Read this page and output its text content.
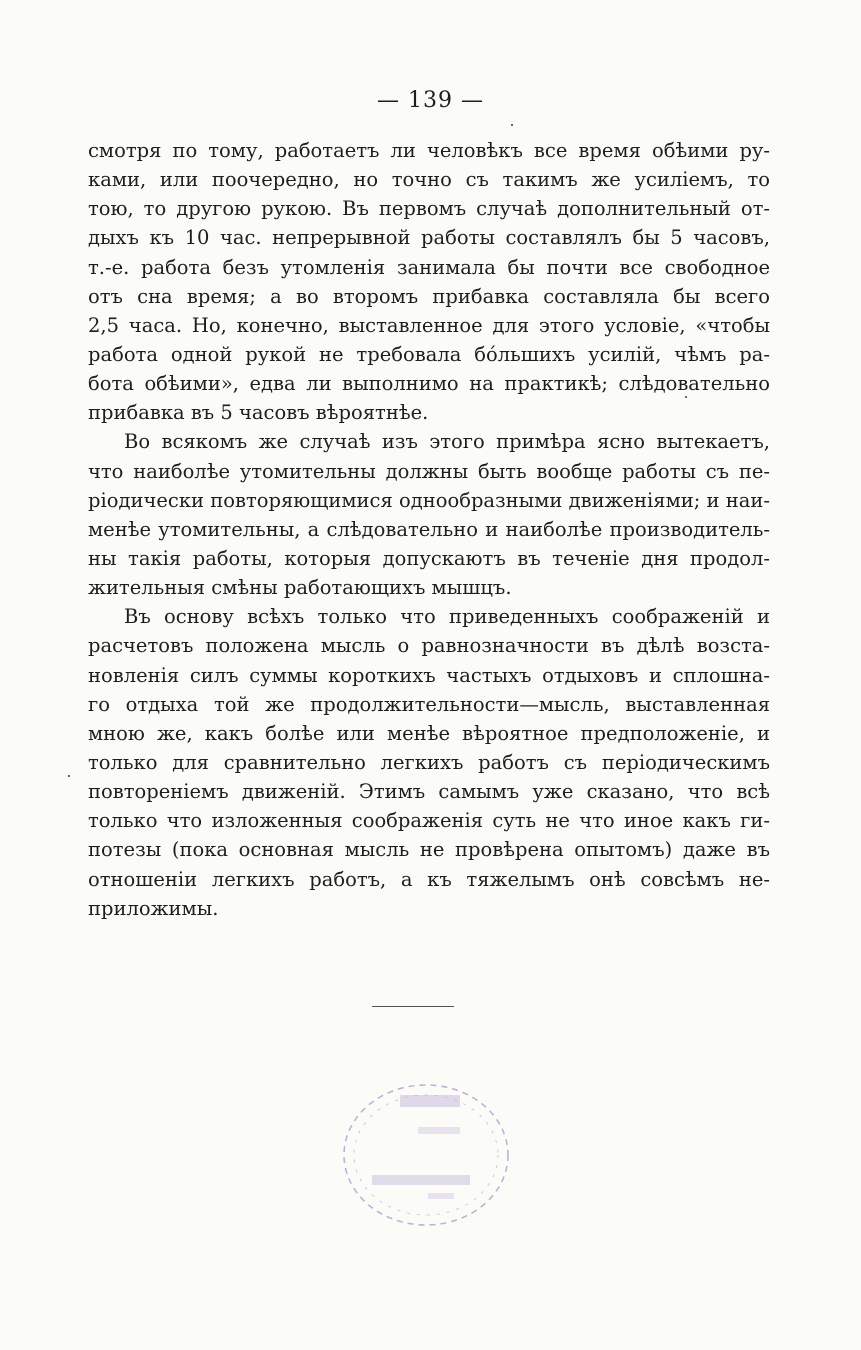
— 139 —
смотря по тому, работаетъ ли человѣкъ все время обѣими ру-
ками, или поочередно, но точно съ такимъ же усиліемъ, то
тою, то другою рукою. Въ первомъ случаѣ дополнительный от-
дыхъ къ 10 час. непрерывной работы составлялъ бы 5 часовъ,
т.-е. работа безъ утомленія занимала бы почти все свободное
отъ сна время; а во второмъ прибавка составляла бы всего
2,5 часа. Но, конечно, выставленное для этого условіе, «чтобы
работа одной рукой не требовала бо́льшихъ усилій, чѣмъ ра-
бота обѣими», едва ли выполнимо на практикѣ; слѣдовательно
прибавка въ 5 часовъ вѣроятнѣе.
Во всякомъ же случаѣ изъ этого примѣра ясно вытекаетъ,
что наиболѣе утомительны должны быть вообще работы съ пе-
ріодически повторяющимися однообразными движеніями; и наи-
менѣе утомительны, а слѣдовательно и наиболѣе производитель-
ны такія работы, которыя допускаютъ въ теченіе дня продол-
жительныя смѣны работающихъ мышцъ.
Въ основу всѣхъ только что приведенныхъ соображеній и
расчетовъ положена мысль о равнозначности въ дѣлѣ возста-
новленія силъ суммы короткихъ частыхъ отдыховъ и сплошна-
го отдыха той же продолжительности—мысль, выставленная
мною же, какъ болѣе или менѣе вѣроятное предположеніе, и
только для сравнительно легкихъ работъ съ періодическимъ
повтореніемъ движеній. Этимъ самымъ уже сказано, что всѣ
только что изложенныя соображенія суть не что иное какъ ги-
потезы (пока основная мысль не провѣрена опытомъ) даже въ
отношеніи легкихъ работъ, а къ тяжелымъ онѣ совсѣмъ не-
приложимы.
